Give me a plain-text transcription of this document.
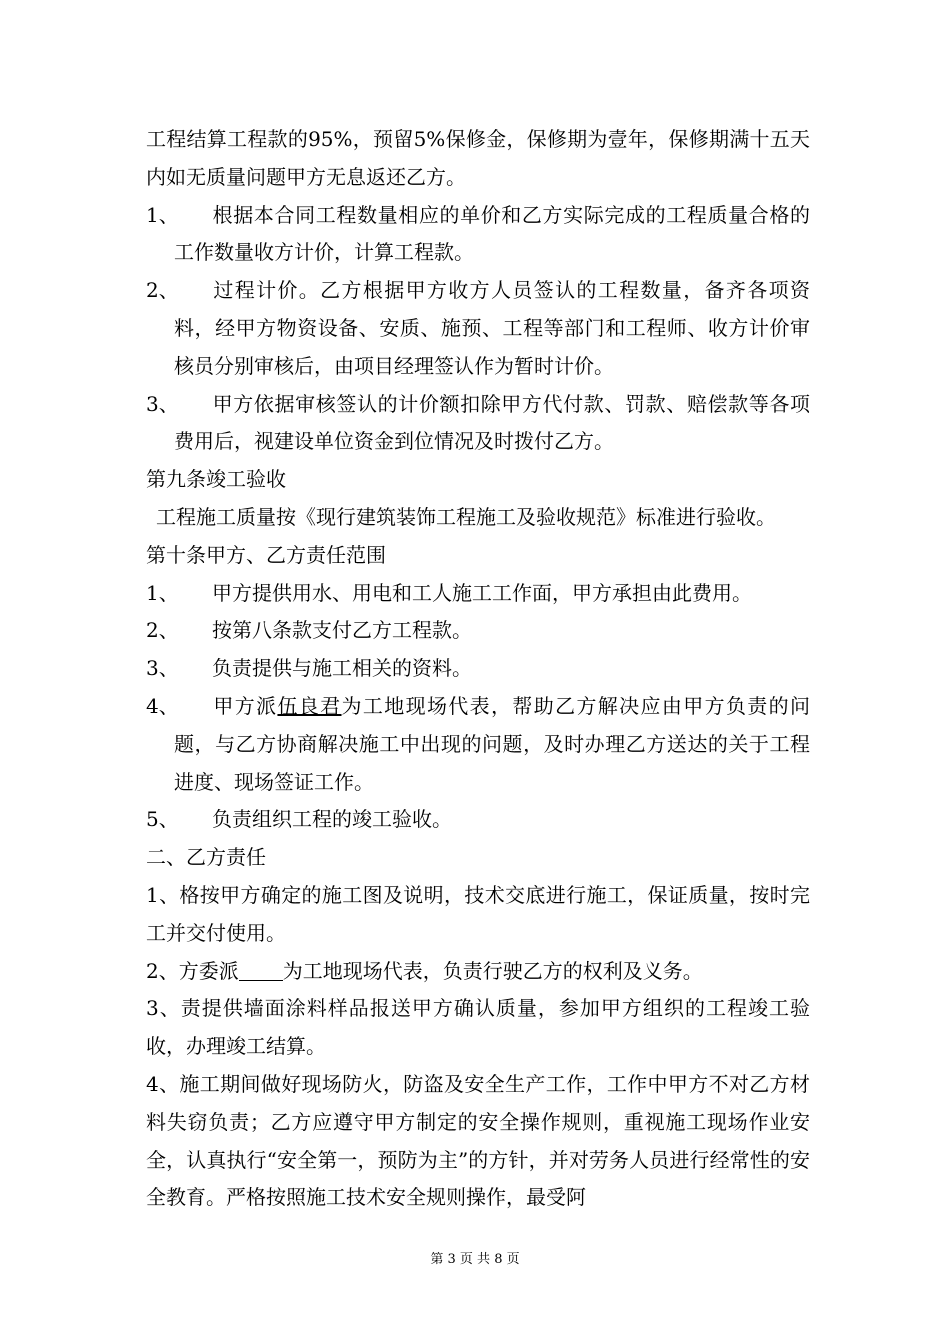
工程结算工程款的95%，预留5%保修金，保修期为壹年，保修期满十五天内如无质量问题甲方无息返还乙方。

1、 根据本合同工程数量相应的单价和乙方实际完成的工程质量合格的工作数量收方计价，计算工程款。

2、 过程计价。乙方根据甲方收方人员签认的工程数量，备齐各项资料，经甲方物资设备、安质、施预、工程等部门和工程师、收方计价审核员分别审核后，由项目经理签认作为暂时计价。

3、 甲方依据审核签认的计价额扣除甲方代付款、罚款、赔偿款等各项费用后，视建设单位资金到位情况及时拨付乙方。

第九条竣工验收

工程施工质量按《现行建筑装饰工程施工及验收规范》标准进行验收。

第十条甲方、乙方责任范围

1、 甲方提供用水、用电和工人施工工作面，甲方承担由此费用。

2、 按第八条款支付乙方工程款。

3、 负责提供与施工相关的资料。

4、 甲方派伍良君为工地现场代表，帮助乙方解决应由甲方负责的问题，与乙方协商解决施工中出现的问题，及时办理乙方送达的关于工程进度、现场签证工作。

5、 负责组织工程的竣工验收。

二、乙方责任

1、格按甲方确定的施工图及说明，技术交底进行施工，保证质量，按时完工并交付使用。

2、方委派 为工地现场代表，负责行驶乙方的权利及义务。

3、责提供墙面涂料样品报送甲方确认质量，参加甲方组织的工程竣工验收，办理竣工结算。

4、施工期间做好现场防火，防盗及安全生产工作，工作中甲方不对乙方材料失窃负责；乙方应遵守甲方制定的安全操作规则，重视施工现场作业安全，认真执行“安全第一，预防为主”的方针，并对劳务人员进行经常性的安全教育。严格按照施工技术安全规则操作，最受阿

第 3 页 共 8 页
